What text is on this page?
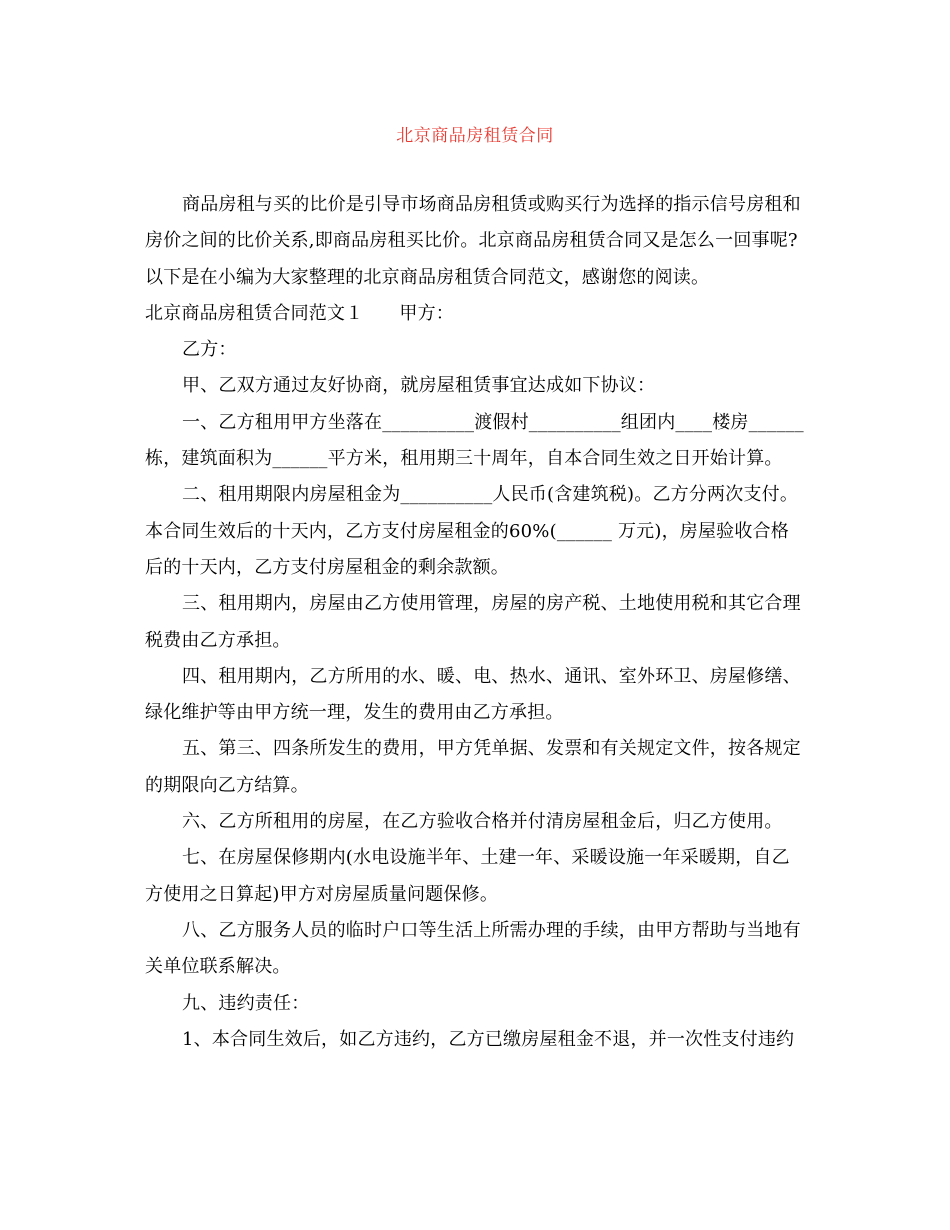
北京商品房租赁合同

商品房租与买的比价是引导市场商品房租赁或购买行为选择的指示信号房租和房价之间的比价关系,即商品房租买比价。北京商品房租赁合同又是怎么一回事呢?以下是在小编为大家整理的北京商品房租赁合同范文，感谢您的阅读。

北京商品房租赁合同范文１ 甲方：

乙方：

甲、乙双方通过友好协商，就房屋租赁事宜达成如下协议：

一、乙方租用甲方坐落在__________渡假村__________组团内____楼房______栋，建筑面积为______平方米，租用期三十周年，自本合同生效之日开始计算。

二、租用期限内房屋租金为__________人民币(含建筑税)。乙方分两次支付。本合同生效后的十天内，乙方支付房屋租金的60%(______ 万元)，房屋验收合格后的十天内，乙方支付房屋租金的剩余款额。

三、租用期内，房屋由乙方使用管理，房屋的房产税、土地使用税和其它合理税费由乙方承担。

四、租用期内，乙方所用的水、暖、电、热水、通讯、室外环卫、房屋修缮、绿化维护等由甲方统一理，发生的费用由乙方承担。

五、第三、四条所发生的费用，甲方凭单据、发票和有关规定文件，按各规定的期限向乙方结算。

六、乙方所租用的房屋，在乙方验收合格并付清房屋租金后，归乙方使用。

七、在房屋保修期内(水电设施半年、土建一年、采暖设施一年采暖期，自乙方使用之日算起)甲方对房屋质量问题保修。

八、乙方服务人员的临时户口等生活上所需办理的手续，由甲方帮助与当地有关单位联系解决。

九、违约责任：

1、本合同生效后，如乙方违约，乙方已缴房屋租金不退，并一次性支付违约
